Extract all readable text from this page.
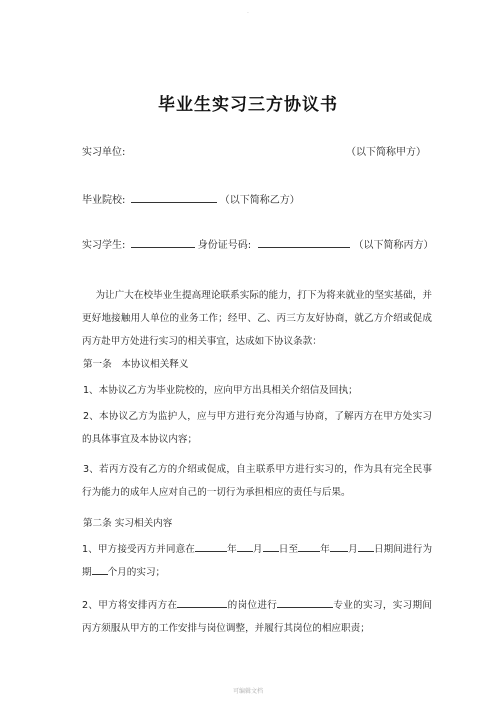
.
毕业生实习三方协议书
实习单位:	（以下简称甲方）
毕业院校:	（以下简称乙方）
实习学生:	身份证号码:	（以下简称丙方）
为让广大在校毕业生提高理论联系实际的能力，打下为将来就业的坚实基础，并更好地接触用人单位的业务工作；经甲、乙、丙三方友好协商，就乙方介绍或促成丙方赴甲方处进行实习的相关事宜，达成如下协议条款：
第一条　本协议相关释义
1、本协议乙方为毕业院校的，应向甲方出具相关介绍信及回执；
2、本协议乙方为监护人，应与甲方进行充分沟通与协商，了解丙方在甲方处实习的具体事宜及本协议内容；
3、若丙方没有乙方的介绍或促成，自主联系甲方进行实习的，作为具有完全民事行为能力的成年人应对自己的一切行为承担相应的责任与后果。
第二条 实习相关内容
1、甲方接受丙方并同意在	年 月 日至 年 月 日期间进行为期 个月的实习；
2、甲方将安排丙方在	的岗位进行	专业的实习，实习期间丙方须服从甲方的工作安排与岗位调整，并履行其岗位的相应职责；
可编辑文档
